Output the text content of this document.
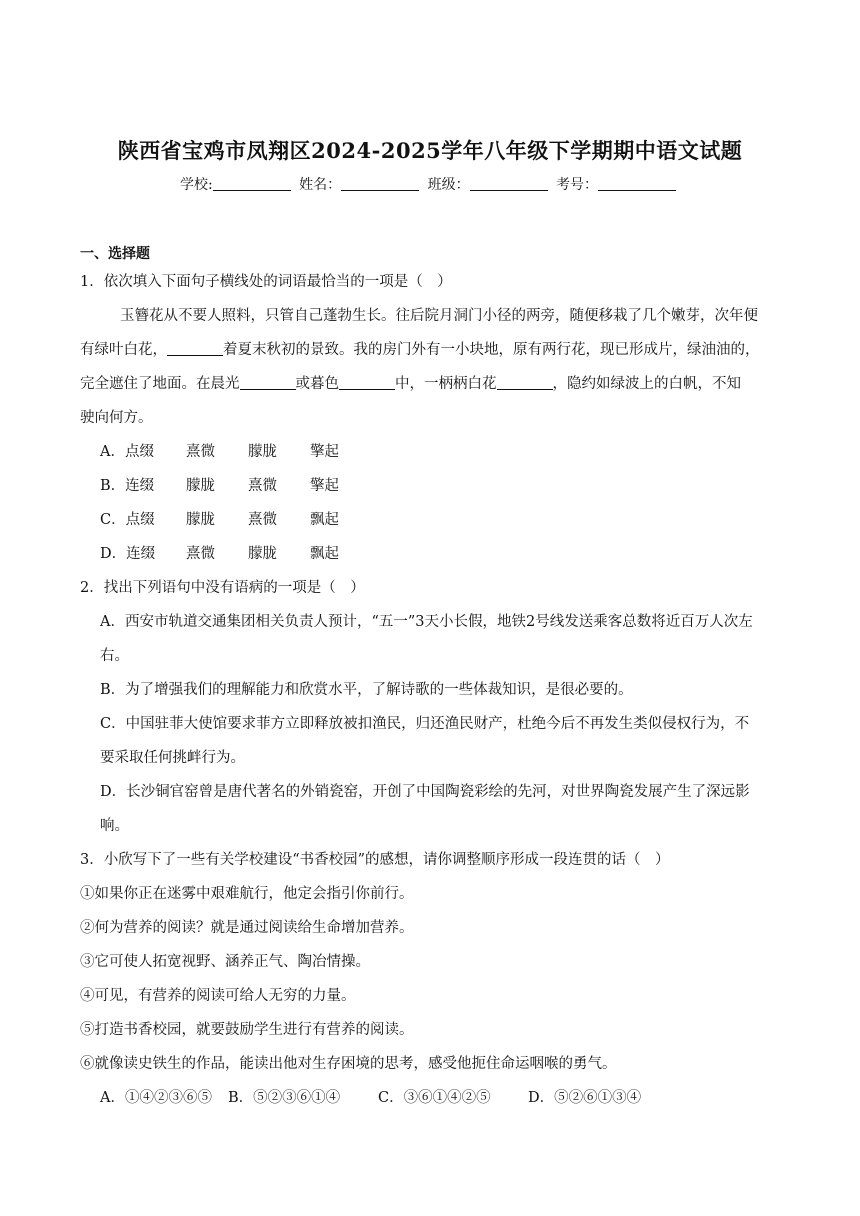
陕西省宝鸡市凤翔区2024-2025学年八年级下学期期中语文试题
学校:	姓名：	班级：	考号：
一、选择题
1．依次填入下面句子横线处的词语最恰当的一项是（　）
玉簪花从不要人照料，只管自己蓬勃生长。往后院月洞门小径的两旁，随便移栽了几个嫩芽，次年便
有绿叶白花，	着夏末秋初的景致。我的房门外有一小块地，原有两行花，现已形成片，绿油油的，
完全遮住了地面。在晨光	或暮色	中，一柄柄白花	，隐约如绿波上的白帆，不知
驶向何方。
A．点缀 熹微 朦胧 擎起
B．连缀 朦胧 熹微 擎起
C．点缀 朦胧 熹微 飘起
D．连缀 熹微 朦胧 飘起
2．找出下列语句中没有语病的一项是（　）
A．西安市轨道交通集团相关负责人预计，“五一”3天小长假，地铁2号线发送乘客总数将近百万人次左
右。
B．为了增强我们的理解能力和欣赏水平，了解诗歌的一些体裁知识，是很必要的。
C．中国驻菲大使馆要求菲方立即释放被扣渔民，归还渔民财产，杜绝今后不再发生类似侵权行为，不
要采取任何挑衅行为。
D．长沙铜官窑曾是唐代著名的外销瓷窑，开创了中国陶瓷彩绘的先河，对世界陶瓷发展产生了深远影
响。
3．小欣写下了一些有关学校建设“书香校园”的感想，请你调整顺序形成一段连贯的话（　）
①如果你正在迷雾中艰难航行，他定会指引你前行。
②何为营养的阅读？就是通过阅读给生命增加营养。
③它可使人拓宽视野、涵养正气、陶冶情操。
④可见，有营养的阅读可给人无穷的力量。
⑤打造书香校园，就要鼓励学生进行有营养的阅读。
⑥就像读史铁生的作品，能读出他对生存困境的思考，感受他扼住命运咽喉的勇气。
A．①④②③⑥⑤ B．⑤②③⑥①④	C．③⑥①④②⑤	D．⑤②⑥①③④
